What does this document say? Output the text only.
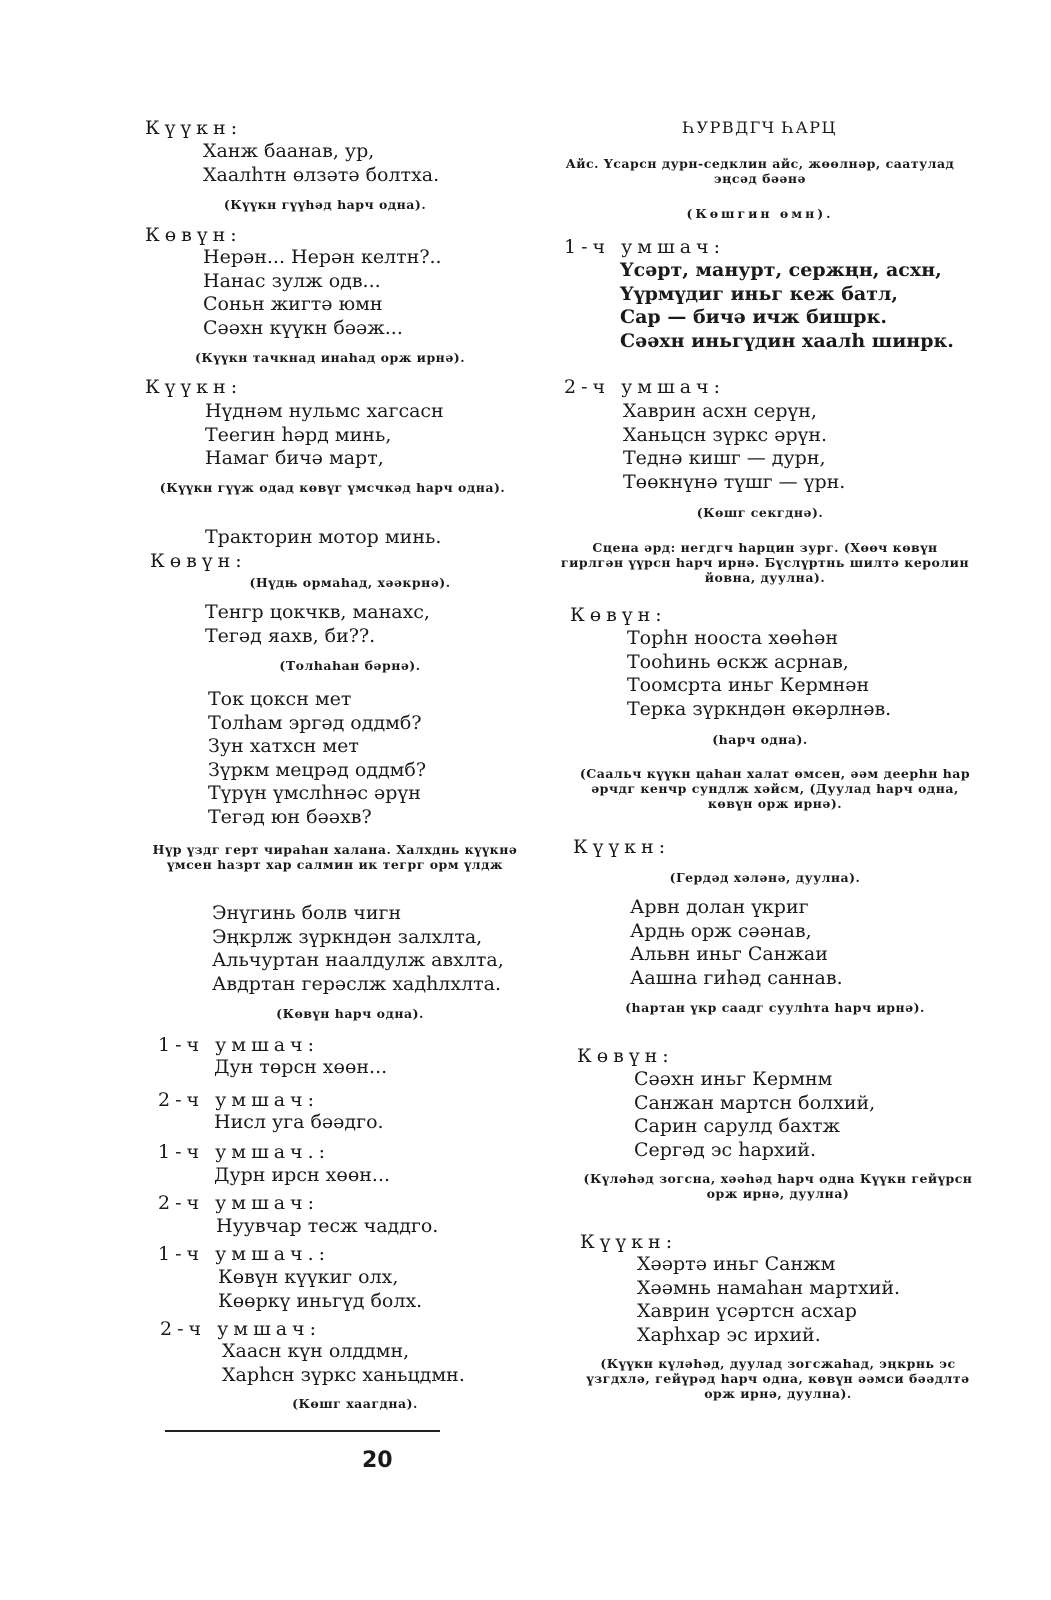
Күүкн:
Ханж баанав, ур,
Хаалһтн өлзәтә болтха.
(Күүкн гүүһәд һарч одна).
Көвүн:
Нерән... Нерән келтн?..
Нанас зулж одв...
Соньн жигтә юмн
Сәәхн күүкн бәәж...
(Күүкн тачкнад инаһад орж ирнә).
Күүкн:
Нүднәм нульмс хагсасн
Теегин һәрд минь,
Намаг бичә март,
(Күүкн гүүж одад көвүг үмсчкәд һарч одна).
Тракторин мотор минь.
Көвүн:
(Нүдњ ормаһад, хәәкрнә).
Тенгр цокчкв, манахс,
Тегәд яахв, би??.
(Толһаһан бәрнә).
Ток цоксн мет
Толһам эргәд оддмб?
Зун хатхсн мет
Зүркм мецрәд оддмб?
Түрүн үмслһнәс әрүн
Тегәд юн бәәхв?
Нүр үздг герт чираһан халана. Халхднь күүкнә үмсен һазрт хар салмин ик тегрг орм үлдж
Энүгинь болв чигн
Эңкрлж зүркндән залхлта,
Альчуртан наалдулж авхлта,
Авдртан герәслж хадһлхлта.
(Көвүн һарч одна).
1-ч умшач:
Дун төрсн хөөн...
2-ч умшач:
Нисл уга бәәдго.
1-ч умшач.:
Дурн ирсн хөөн...
2-ч умшач:
Нуувчар тесж чаддго.
1-ч умшач.:
Көвүн күүкиг олх,
Көөркү иньгүд болх.
2-ч умшач:
Хаасн күн олддмн,
Харһсн зүркс ханьцдмн.
(Көшг хаагдна).
20
ҺУРВДГЧ ҺАРЦ
Айс. Үсарсн дурн-седклин айс, жөөлнәр, саатулад эңсәд бәәнә
(Көшгин өмн).
1-ч умшач:
Үсәрт, манурт, сержңн, асхн,
Үүрмүдиг иньг кеж батл,
Сар — бичә ичж бишрк.
Сәәхн иньгүдин хаалһ шинрк.
2-ч умшач:
Хаврин асхн серүн,
Ханьцсн зүркс әрүн.
Теднә кишг — дурн,
Төөкнүнә түшг — үрн.
(Көшг секгднә).
Сцена әрд: негдгч һарцин зург. (Хөөч көвүн гирлгән үүрсн һарч ирнә. Бүслүртнь шилтә керолин йовна, дуулна).
Көвүн:
Торһн нооста хөөһән
Тооһинь өскж асрнав,
Тоомсрта иньг Кермнән
Терка зүркндән өкәрлнәв.
(һарч одна).
(Саальч күүкн цаһан халат өмсен, әәм деерһн һар әрчдг кенчр сундлж хәйсм, (Дуулад һарч одна, көвүн орж ирнә).
Күүкн:
(Гердәд хәләнә, дуулна).
Арвн долан үкриг
Ардњ орж сәәнав,
Альвн иньг Санжаи
Аашна гиһәд саннав.
(һартан үкр саадг суулһта һарч ирнә).
Көвүн:
Сәәхн иньг Кермнм
Санжан мартсн болхий,
Сарин сарулд бахтж
Сергәд эс һархий.
(Күләһәд зогсна, хәәһәд һарч одна Күүкн гейүрсн орж ирнә, дуулна)
Күүкн:
Хәәртә иньг Санжм
Хәәмнь намаһан мартхий.
Хаврин үсәртсн асхар
Харһхар эс ирхий.
(Күүкн күләһәд, дуулад зогсжаһад, эңкрнь эс үзгдхлә, гейүрәд һарч одна, көвүн әәмси бәәдлтә орж ирнә, дуулна).
